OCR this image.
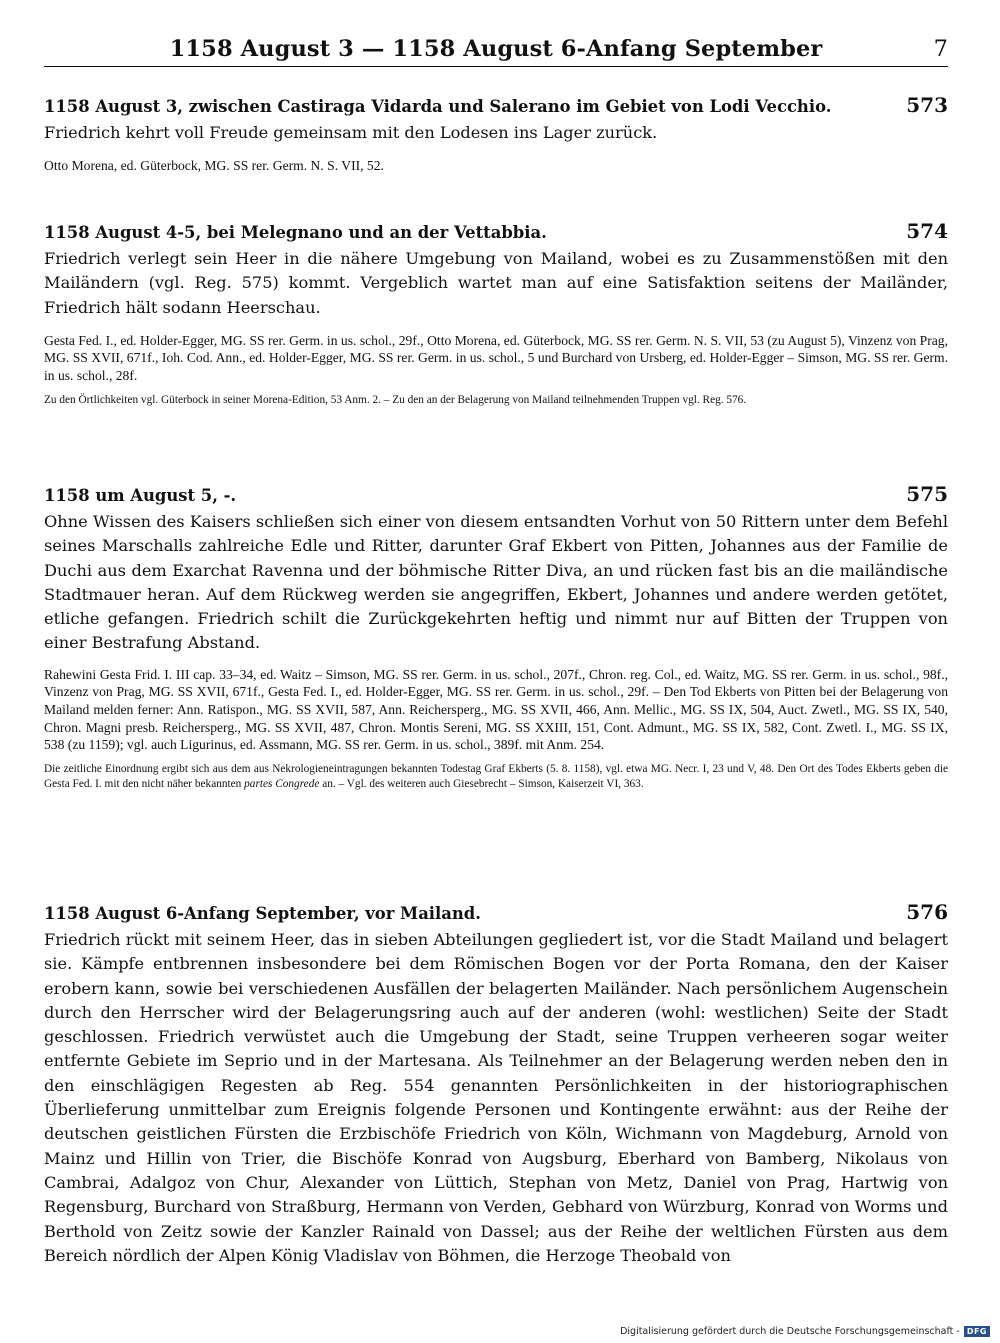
1158 August 3 — 1158 August 6-Anfang September	7
1158 August 3, zwischen Castiraga Vidarda und Salerano im Gebiet von Lodi Vecchio.	573

Friedrich kehrt voll Freude gemeinsam mit den Lodesen ins Lager zurück.

Otto Morena, ed. Güterbock, MG. SS rer. Germ. N. S. VII, 52.

1158 August 4-5, bei Melegnano und an der Vettabbia.	574

Friedrich verlegt sein Heer in die nähere Umgebung von Mailand, wobei es zu Zusammenstößen mit den Mailändern (vgl. Reg. 575) kommt. Vergeblich wartet man auf eine Satisfaktion seitens der Mailänder, Friedrich hält sodann Heerschau.

Gesta Fed. I., ed. Holder-Egger, MG. SS rer. Germ. in us. schol., 29f., Otto Morena, ed. Güterbock, MG. SS rer. Germ. N. S. VII, 53 (zu August 5), Vinzenz von Prag, MG. SS XVII, 671f., Ioh. Cod. Ann., ed. Holder-Egger, MG. SS rer. Germ. in us. schol., 5 und Burchard von Ursberg, ed. Holder-Egger – Simson, MG. SS rer. Germ. in us. schol., 28f.

Zu den Örtlichkeiten vgl. Güterbock in seiner Morena-Edition, 53 Anm. 2. – Zu den an der Belagerung von Mailand teilnehmenden Truppen vgl. Reg. 576.

1158 um August 5, -.	575

Ohne Wissen des Kaisers schließen sich einer von diesem entsandten Vorhut von 50 Rittern unter dem Befehl seines Marschalls zahlreiche Edle und Ritter, darunter Graf Ekbert von Pitten, Johannes aus der Familie de Duchi aus dem Exarchat Ravenna und der böhmische Ritter Diva, an und rücken fast bis an die mailändische Stadtmauer heran. Auf dem Rückweg werden sie angegriffen, Ekbert, Johannes und andere werden getötet, etliche gefangen. Friedrich schilt die Zurückgekehrten heftig und nimmt nur auf Bitten der Truppen von einer Bestrafung Abstand.

Rahewini Gesta Frid. I. III cap. 33–34, ed. Waitz – Simson, MG. SS rer. Germ. in us. schol., 207f., Chron. reg. Col., ed. Waitz, MG. SS rer. Germ. in us. schol., 98f., Vinzenz von Prag, MG. SS XVII, 671f., Gesta Fed. I., ed. Holder-Egger, MG. SS rer. Germ. in us. schol., 29f. – Den Tod Ekberts von Pitten bei der Belagerung von Mailand melden ferner: Ann. Ratispon., MG. SS XVII, 587, Ann. Reichersperg., MG. SS XVII, 466, Ann. Mellic., MG. SS IX, 504, Auct. Zwetl., MG. SS IX, 540, Chron. Magni presb. Reichersperg., MG. SS XVII, 487, Chron. Montis Sereni, MG. SS XXIII, 151, Cont. Admunt., MG. SS IX, 582, Cont. Zwetl. I., MG. SS IX, 538 (zu 1159); vgl. auch Ligurinus, ed. Assmann, MG. SS rer. Germ. in us. schol., 389f. mit Anm. 254.

Die zeitliche Einordnung ergibt sich aus dem aus Nekrologieneintragungen bekannten Todestag Graf Ekberts (5. 8. 1158), vgl. etwa MG. Necr. I, 23 und V, 48. Den Ort des Todes Ekberts geben die Gesta Fed. I. mit den nicht näher bekannten partes Congrede an. – Vgl. des weiteren auch Giesebrecht – Simson, Kaiserzeit VI, 363.

1158 August 6-Anfang September, vor Mailand.	576

Friedrich rückt mit seinem Heer, das in sieben Abteilungen gegliedert ist, vor die Stadt Mailand und belagert sie. Kämpfe entbrennen insbesondere bei dem Römischen Bogen vor der Porta Romana, den der Kaiser erobern kann, sowie bei verschiedenen Ausfällen der belagerten Mailänder. Nach persönlichem Augenschein durch den Herrscher wird der Belagerungsring auch auf der anderen (wohl: westlichen) Seite der Stadt geschlossen. Friedrich verwüstet auch die Umgebung der Stadt, seine Truppen verheeren sogar weiter entfernte Gebiete im Seprio und in der Martesana. Als Teilnehmer an der Belagerung werden neben den in den einschlägigen Regesten ab Reg. 554 genannten Persönlichkeiten in der historiographischen Überlieferung unmittelbar zum Ereignis folgende Personen und Kontingente erwähnt: aus der Reihe der deutschen geistlichen Fürsten die Erzbischöfe Friedrich von Köln, Wichmann von Magdeburg, Arnold von Mainz und Hillin von Trier, die Bischöfe Konrad von Augsburg, Eberhard von Bamberg, Nikolaus von Cambrai, Adalgoz von Chur, Alexander von Lüttich, Stephan von Metz, Daniel von Prag, Hartwig von Regensburg, Burchard von Straßburg, Hermann von Verden, Gebhard von Würzburg, Konrad von Worms und Berthold von Zeitz sowie der Kanzler Rainald von Dassel; aus der Reihe der weltlichen Fürsten aus dem Bereich nördlich der Alpen König Vladislav von Böhmen, die Herzoge Theobald von

Digitalisierung gefördert durch die Deutsche Forschungsgemeinschaft - DFG
